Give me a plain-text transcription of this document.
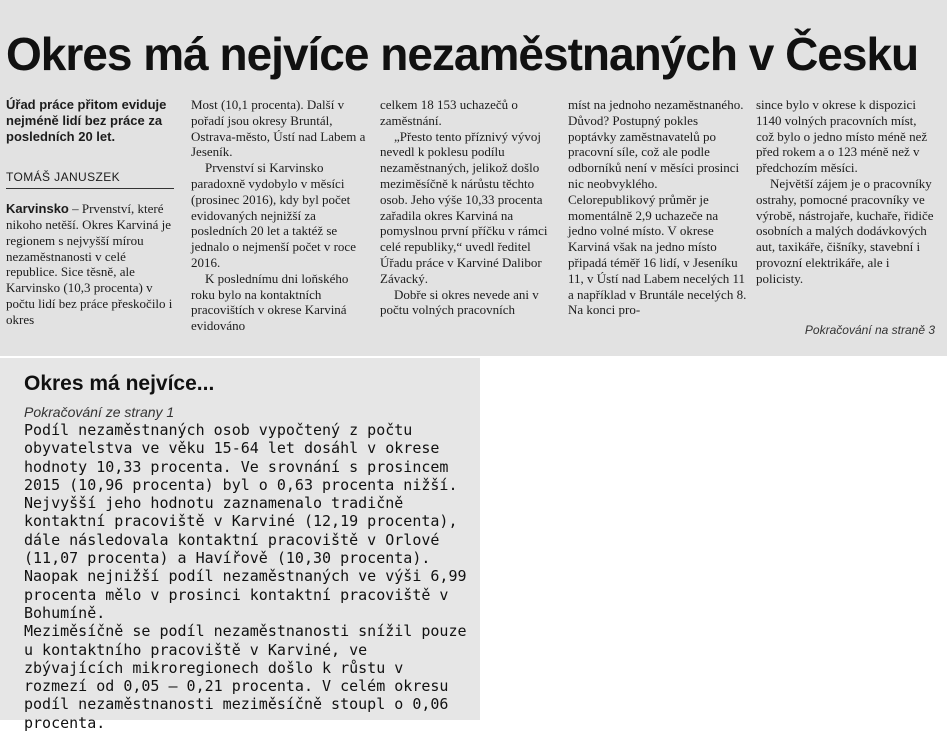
Okres má nejvíce nezaměstnaných v Česku

Úřad práce přitom eviduje nejméně lidí bez práce za posledních 20 let.

TOMÁŠ JANUSZEK

Karvinsko – Prvenství, které nikoho netěší. Okres Karviná je regionem s nejvyšší mírou nezaměstnanosti v celé republice. Sice těsně, ale Karvinsko (10,3 procenta) v počtu lidí bez práce přeskočilo i okres

Most (10,1 procenta). Další v pořadí jsou okresy Bruntál, Ostrava-město, Ústí nad Labem a Jeseník.

Prvenství si Karvinsko paradoxně vydobylo v měsíci (prosinec 2016), kdy byl počet evidovaných nejnižší za posledních 20 let a taktéž se jednalo o nejmenší počet v roce 2016.

K poslednímu dni loňského roku bylo na kontaktních pracovištích v okrese Karviná evidováno

celkem 18 153 uchazečů o zaměstnání.

„Přesto tento příznivý vývoj nevedl k poklesu podílu nezaměstnaných, jelikož došlo meziměsíčně k nárůstu těchto osob. Jeho výše 10,33 procenta zařadila okres Karviná na pomyslnou první příčku v rámci celé republiky,“ uvedl ředitel Úřadu práce v Karviné Dalibor Závacký.

Dobře si okres nevede ani v počtu volných pracovních

míst na jednoho nezaměstnaného. Důvod? Postupný pokles poptávky zaměstnavatelů po pracovní síle, což ale podle odborníků není v měsíci prosinci nic neobvyklého. Celorepublikový průměr je momentálně 2,9 uchazeče na jedno volné místo. V okrese Karviná však na jedno místo připadá téměř 16 lidí, v Jeseníku 11, v Ústí nad Labem necelých 11 a například v Bruntále necelých 8. Na konci pro-

since bylo v okrese k dispozici 1140 volných pracovních míst, což bylo o jedno místo méně než před rokem a o 123 méně než v předchozím měsíci.

Největší zájem je o pracovníky ostrahy, pomocné pracovníky ve výrobě, nástrojaře, kuchaře, řidiče osobních a malých dodávkových aut, taxikáře, čišníky, stavební i provozní elektrikáře, ale i policisty.

Pokračování na straně 3
Okres má nejvíce...
Pokračování ze strany 1

Podíl nezaměstnaných osob vypočtený z počtu obyvatelstva ve věku 15-64 let dosáhl v okrese hodnoty 10,33 procenta. Ve srovnání s prosincem 2015 (10,96 procenta) byl o 0,63 procenta nižší. Nejvyšší jeho hodnotu zaznamenalo tradičně kontaktní pracoviště v Karviné (12,19 procenta), dále následovala kontaktní pracoviště v Orlové (11,07 procenta) a Havířově (10,30 procenta). Naopak nejnižší podíl nezaměstnaných ve výši 6,99 procenta mělo v prosinci kontaktní pracoviště v Bohumíně.

Meziměsíčně se podíl nezaměstnanosti snížil pouze u kontaktního pracoviště v Karviné, ve zbývajících mikroregionech došlo k růstu v rozmezí od 0,05 – 0,21 procenta. V celém okresu podíl nezaměstnanosti meziměsíčně stoupl o 0,06 procenta.
